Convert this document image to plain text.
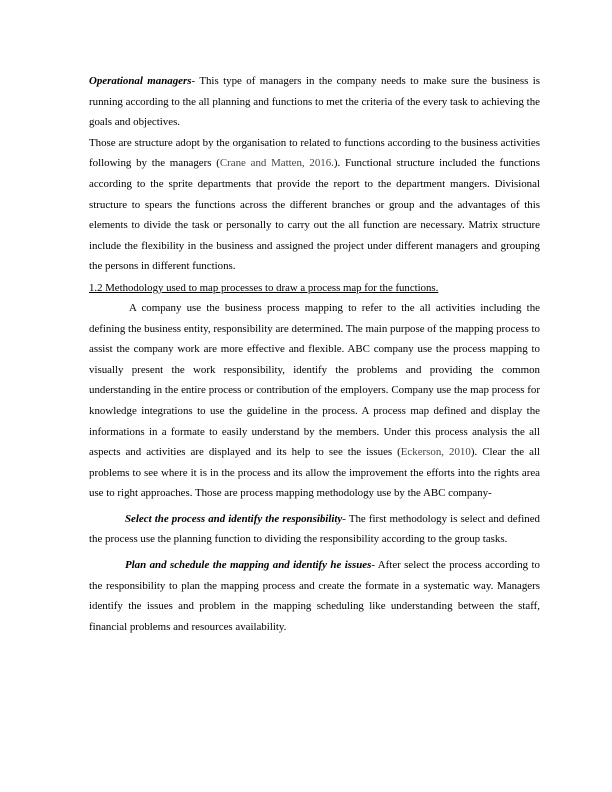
Operational managers- This type of managers in the company needs to make sure the business is running according to the all planning and functions to met the criteria of the every task to achieving the goals and objectives.

Those are structure adopt by the organisation to related to functions according to the business activities following by the managers (Crane and Matten, 2016.). Functional structure included the functions according to the sprite departments that provide the report to the department mangers. Divisional structure to spears the functions across the different branches or group and the advantages of this elements to divide the task or personally to carry out the all function are necessary. Matrix structure include the flexibility in the business and assigned the project under different managers and grouping the persons in different functions.

1.2 Methodology used to map processes to draw a process map for the functions.

A company use the business process mapping to refer to the all activities including the defining the business entity, responsibility are determined. The main purpose of the mapping process to assist the company work are more effective and flexible. ABC company use the process mapping to visually present the work responsibility, identify the problems and providing the common understanding in the entire process or contribution of the employers. Company use the map process for knowledge integrations to use the guideline in the process. A process map defined and display the informations in a formate to easily understand by the members. Under this process analysis the all aspects and activities are displayed and its help to see the issues (Eckerson, 2010). Clear the all problems to see where it is in the process and its allow the improvement the efforts into the rights area use to right approaches. Those are process mapping methodology use by the ABC company-

Select the process and identify the responsibility- The first methodology is select and defined the process use the planning function to dividing the responsibility according to the group tasks.

Plan and schedule the mapping and identify he issues- After select the process according to the responsibility to plan the mapping process and create the formate in a systematic way. Managers identify the issues and problem in the mapping scheduling like understanding between the staff, financial problems and resources availability.
